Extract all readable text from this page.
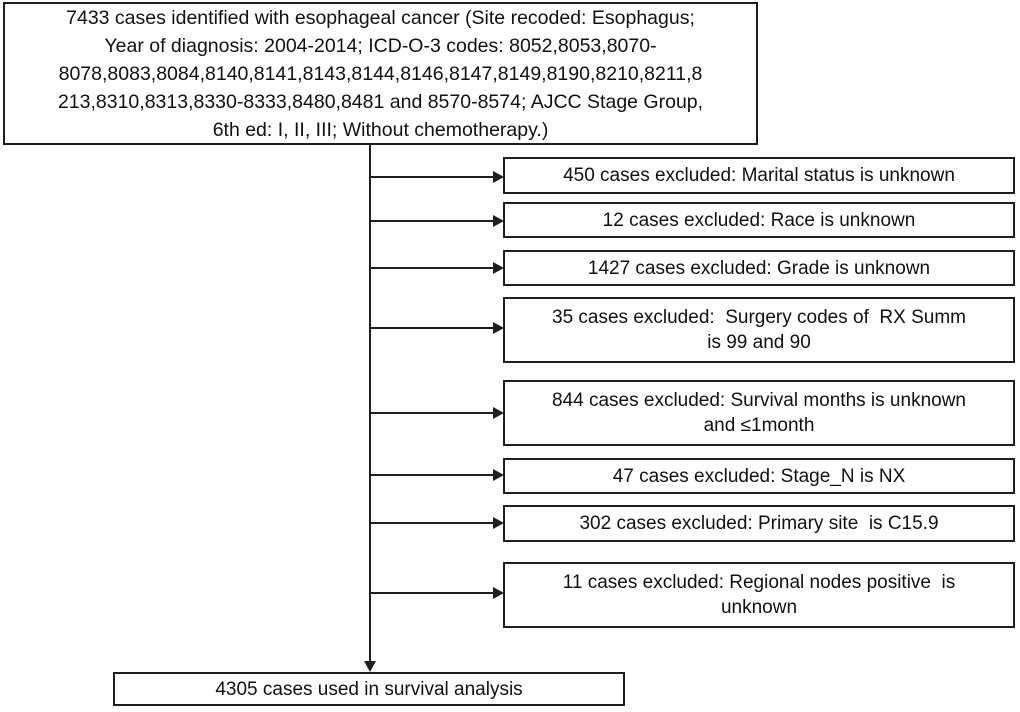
7433 cases identified with esophageal cancer (Site recoded: Esophagus;
Year of diagnosis: 2004-2014; ICD-O-3 codes: 8052,8053,8070-
8078,8083,8084,8140,8141,8143,8144,8146,8147,8149,8190,8210,8211,8
213,8310,8313,8330-8333,8480,8481 and 8570-8574; AJCC Stage Group,
6th ed: I, II, III; Without chemotherapy.)
450 cases excluded: Marital status is unknown
12 cases excluded: Race is unknown
1427 cases excluded: Grade is unknown
35 cases excluded:  Surgery codes of  RX Summ
is 99 and 90
844 cases excluded: Survival months is unknown
and ≤1month
47 cases excluded: Stage_N is NX
302 cases excluded: Primary site  is C15.9
11 cases excluded: Regional nodes positive  is
unknown
4305 cases used in survival analysis
